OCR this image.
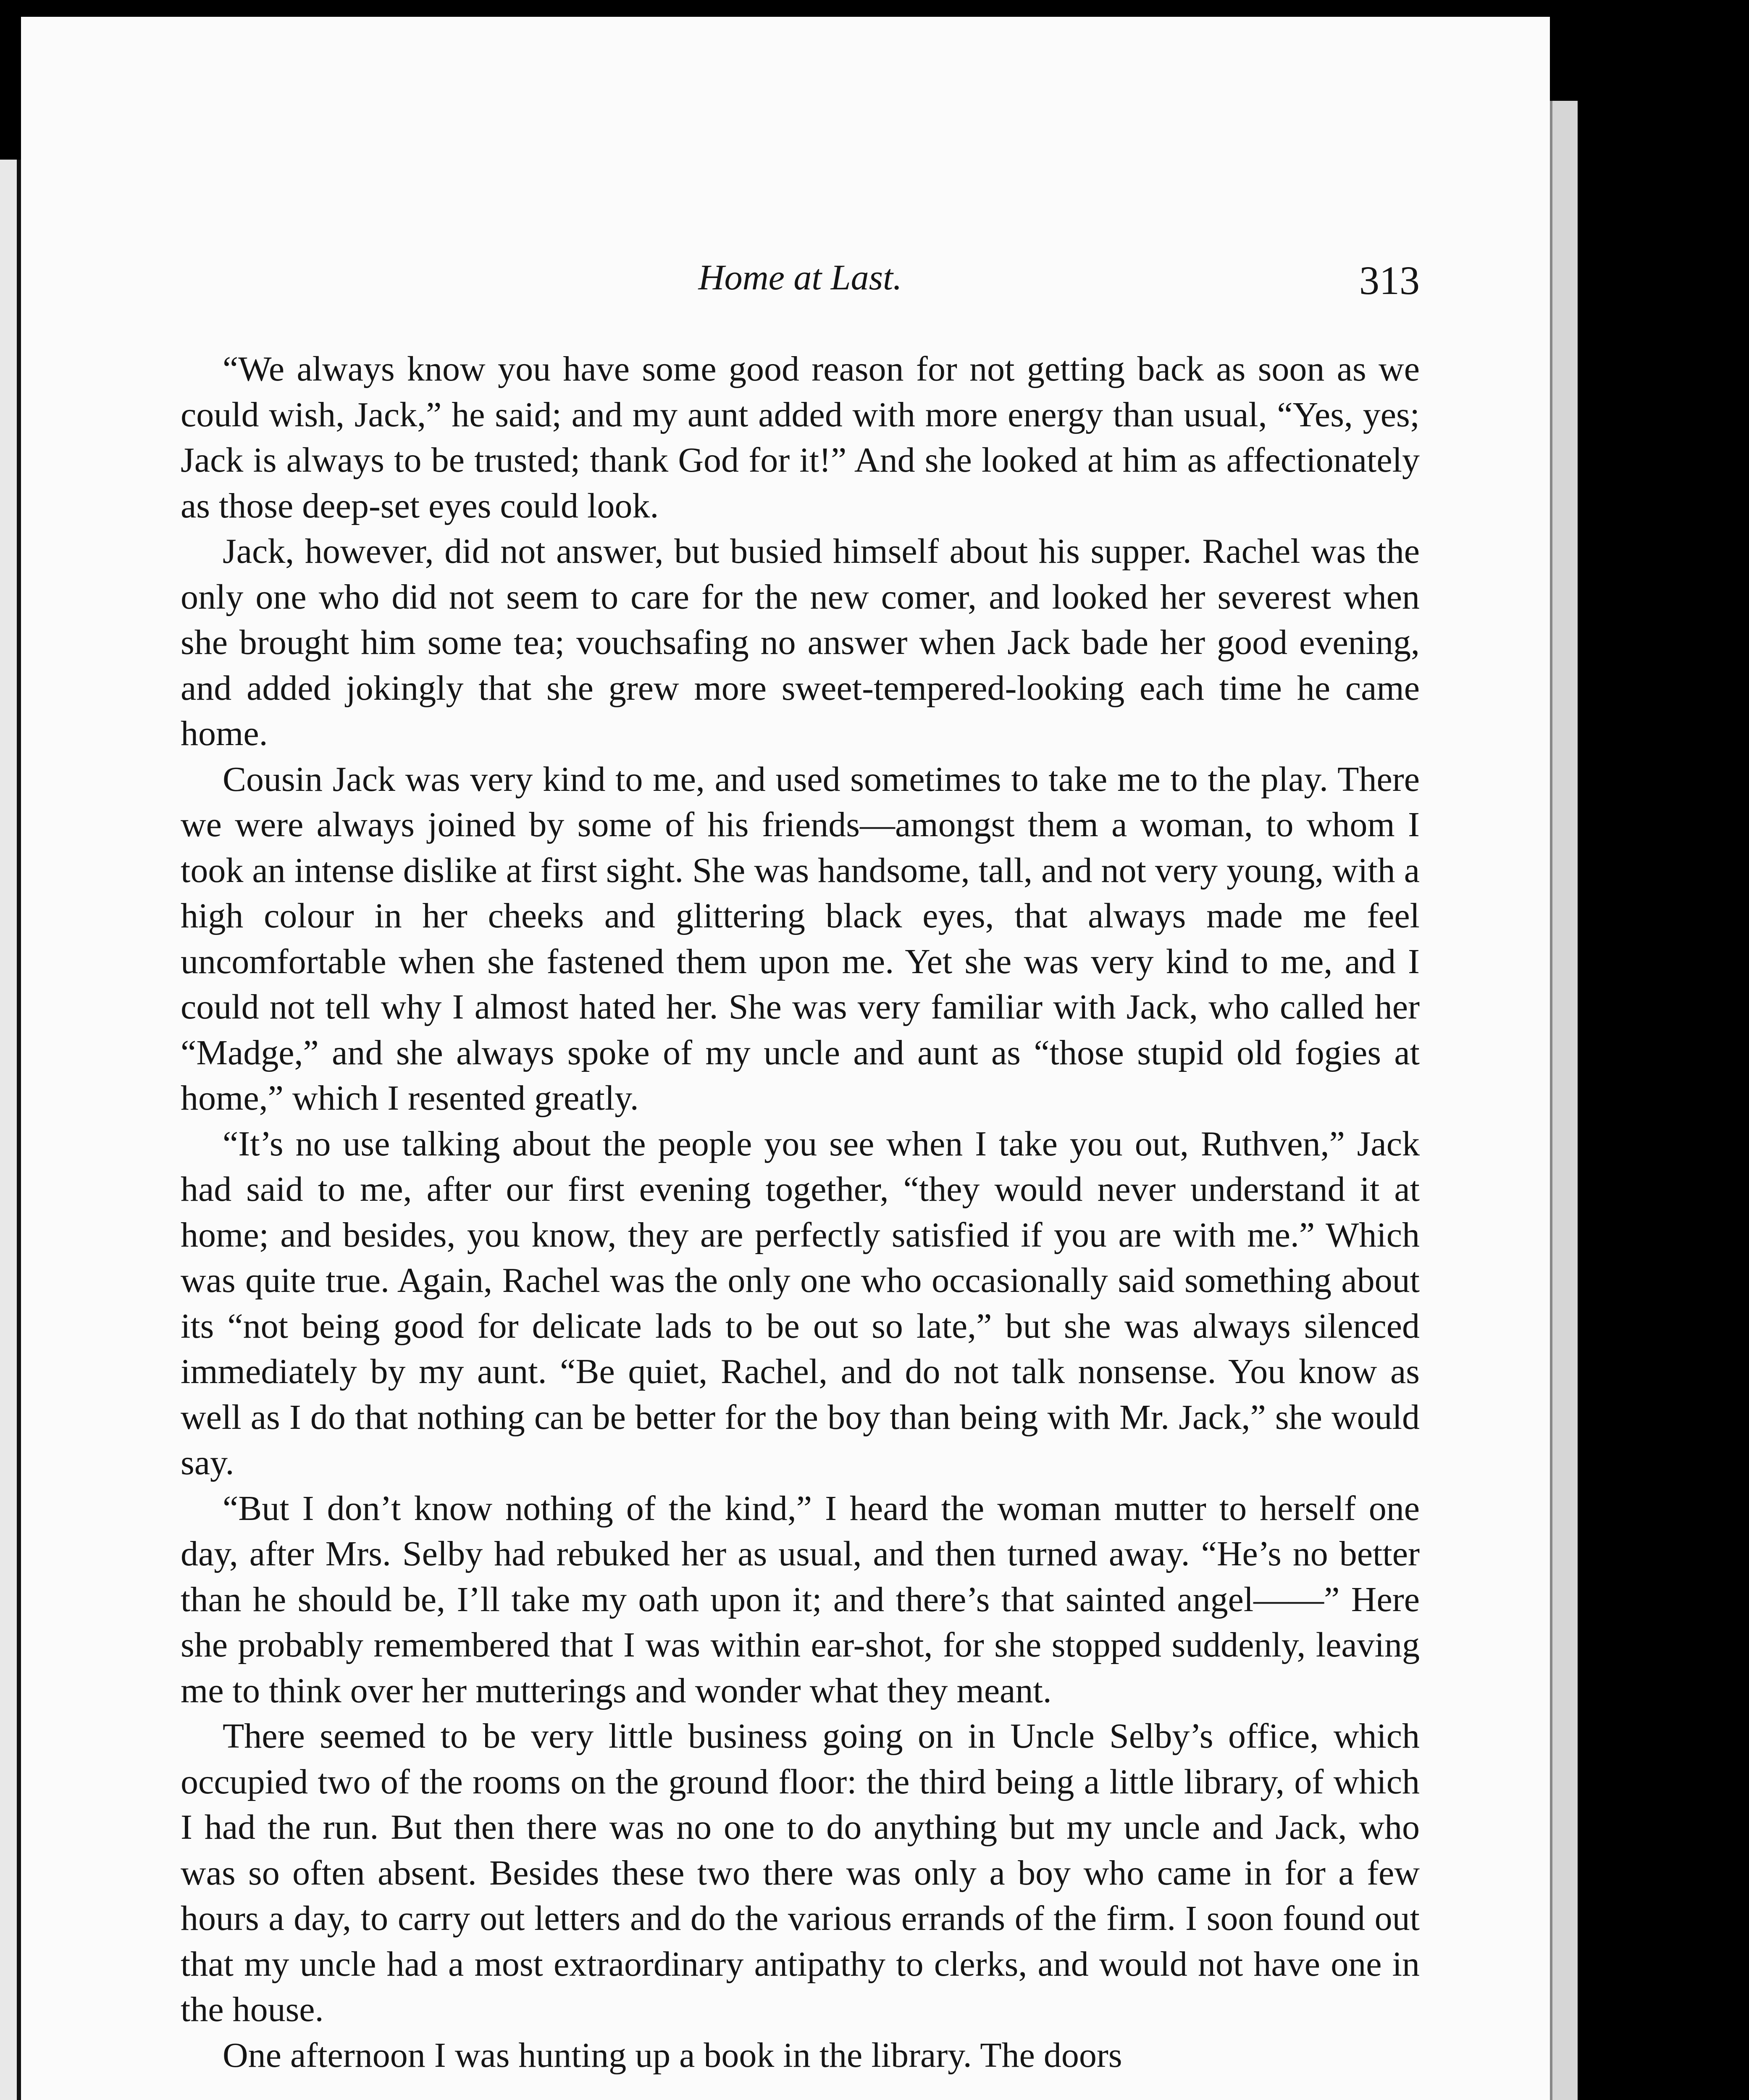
Home at Last.	313

“We always know you have some good reason for not getting back as soon as we could wish, Jack,” he said; and my aunt added with more energy than usual, “Yes, yes; Jack is always to be trusted; thank God for it!” And she looked at him as affectionately as those deep-set eyes could look.

Jack, however, did not answer, but busied himself about his supper. Rachel was the only one who did not seem to care for the new comer, and looked her severest when she brought him some tea; vouchsafing no answer when Jack bade her good evening, and added jokingly that she grew more sweet-tempered-looking each time he came home.

Cousin Jack was very kind to me, and used sometimes to take me to the play. There we were always joined by some of his friends—amongst them a woman, to whom I took an intense dislike at first sight. She was handsome, tall, and not very young, with a high colour in her cheeks and glittering black eyes, that always made me feel uncomfortable when she fastened them upon me. Yet she was very kind to me, and I could not tell why I almost hated her. She was very familiar with Jack, who called her “Madge,” and she always spoke of my uncle and aunt as “those stupid old fogies at home,” which I resented greatly.

“It’s no use talking about the people you see when I take you out, Ruthven,” Jack had said to me, after our first evening together, “they would never understand it at home; and besides, you know, they are perfectly satisfied if you are with me.” Which was quite true. Again, Rachel was the only one who occasionally said something about its “not being good for delicate lads to be out so late,” but she was always silenced immediately by my aunt. “Be quiet, Rachel, and do not talk nonsense. You know as well as I do that nothing can be better for the boy than being with Mr. Jack,” she would say.

“But I don’t know nothing of the kind,” I heard the woman mutter to herself one day, after Mrs. Selby had rebuked her as usual, and then turned away. “He’s no better than he should be, I’ll take my oath upon it; and there’s that sainted angel——” Here she probably remembered that I was within ear-shot, for she stopped suddenly, leaving me to think over her mutterings and wonder what they meant.

There seemed to be very little business going on in Uncle Selby’s office, which occupied two of the rooms on the ground floor: the third being a little library, of which I had the run. But then there was no one to do anything but my uncle and Jack, who was so often absent. Besides these two there was only a boy who came in for a few hours a day, to carry out letters and do the various errands of the firm. I soon found out that my uncle had a most extraordinary antipathy to clerks, and would not have one in the house.

One afternoon I was hunting up a book in the library. The doors
